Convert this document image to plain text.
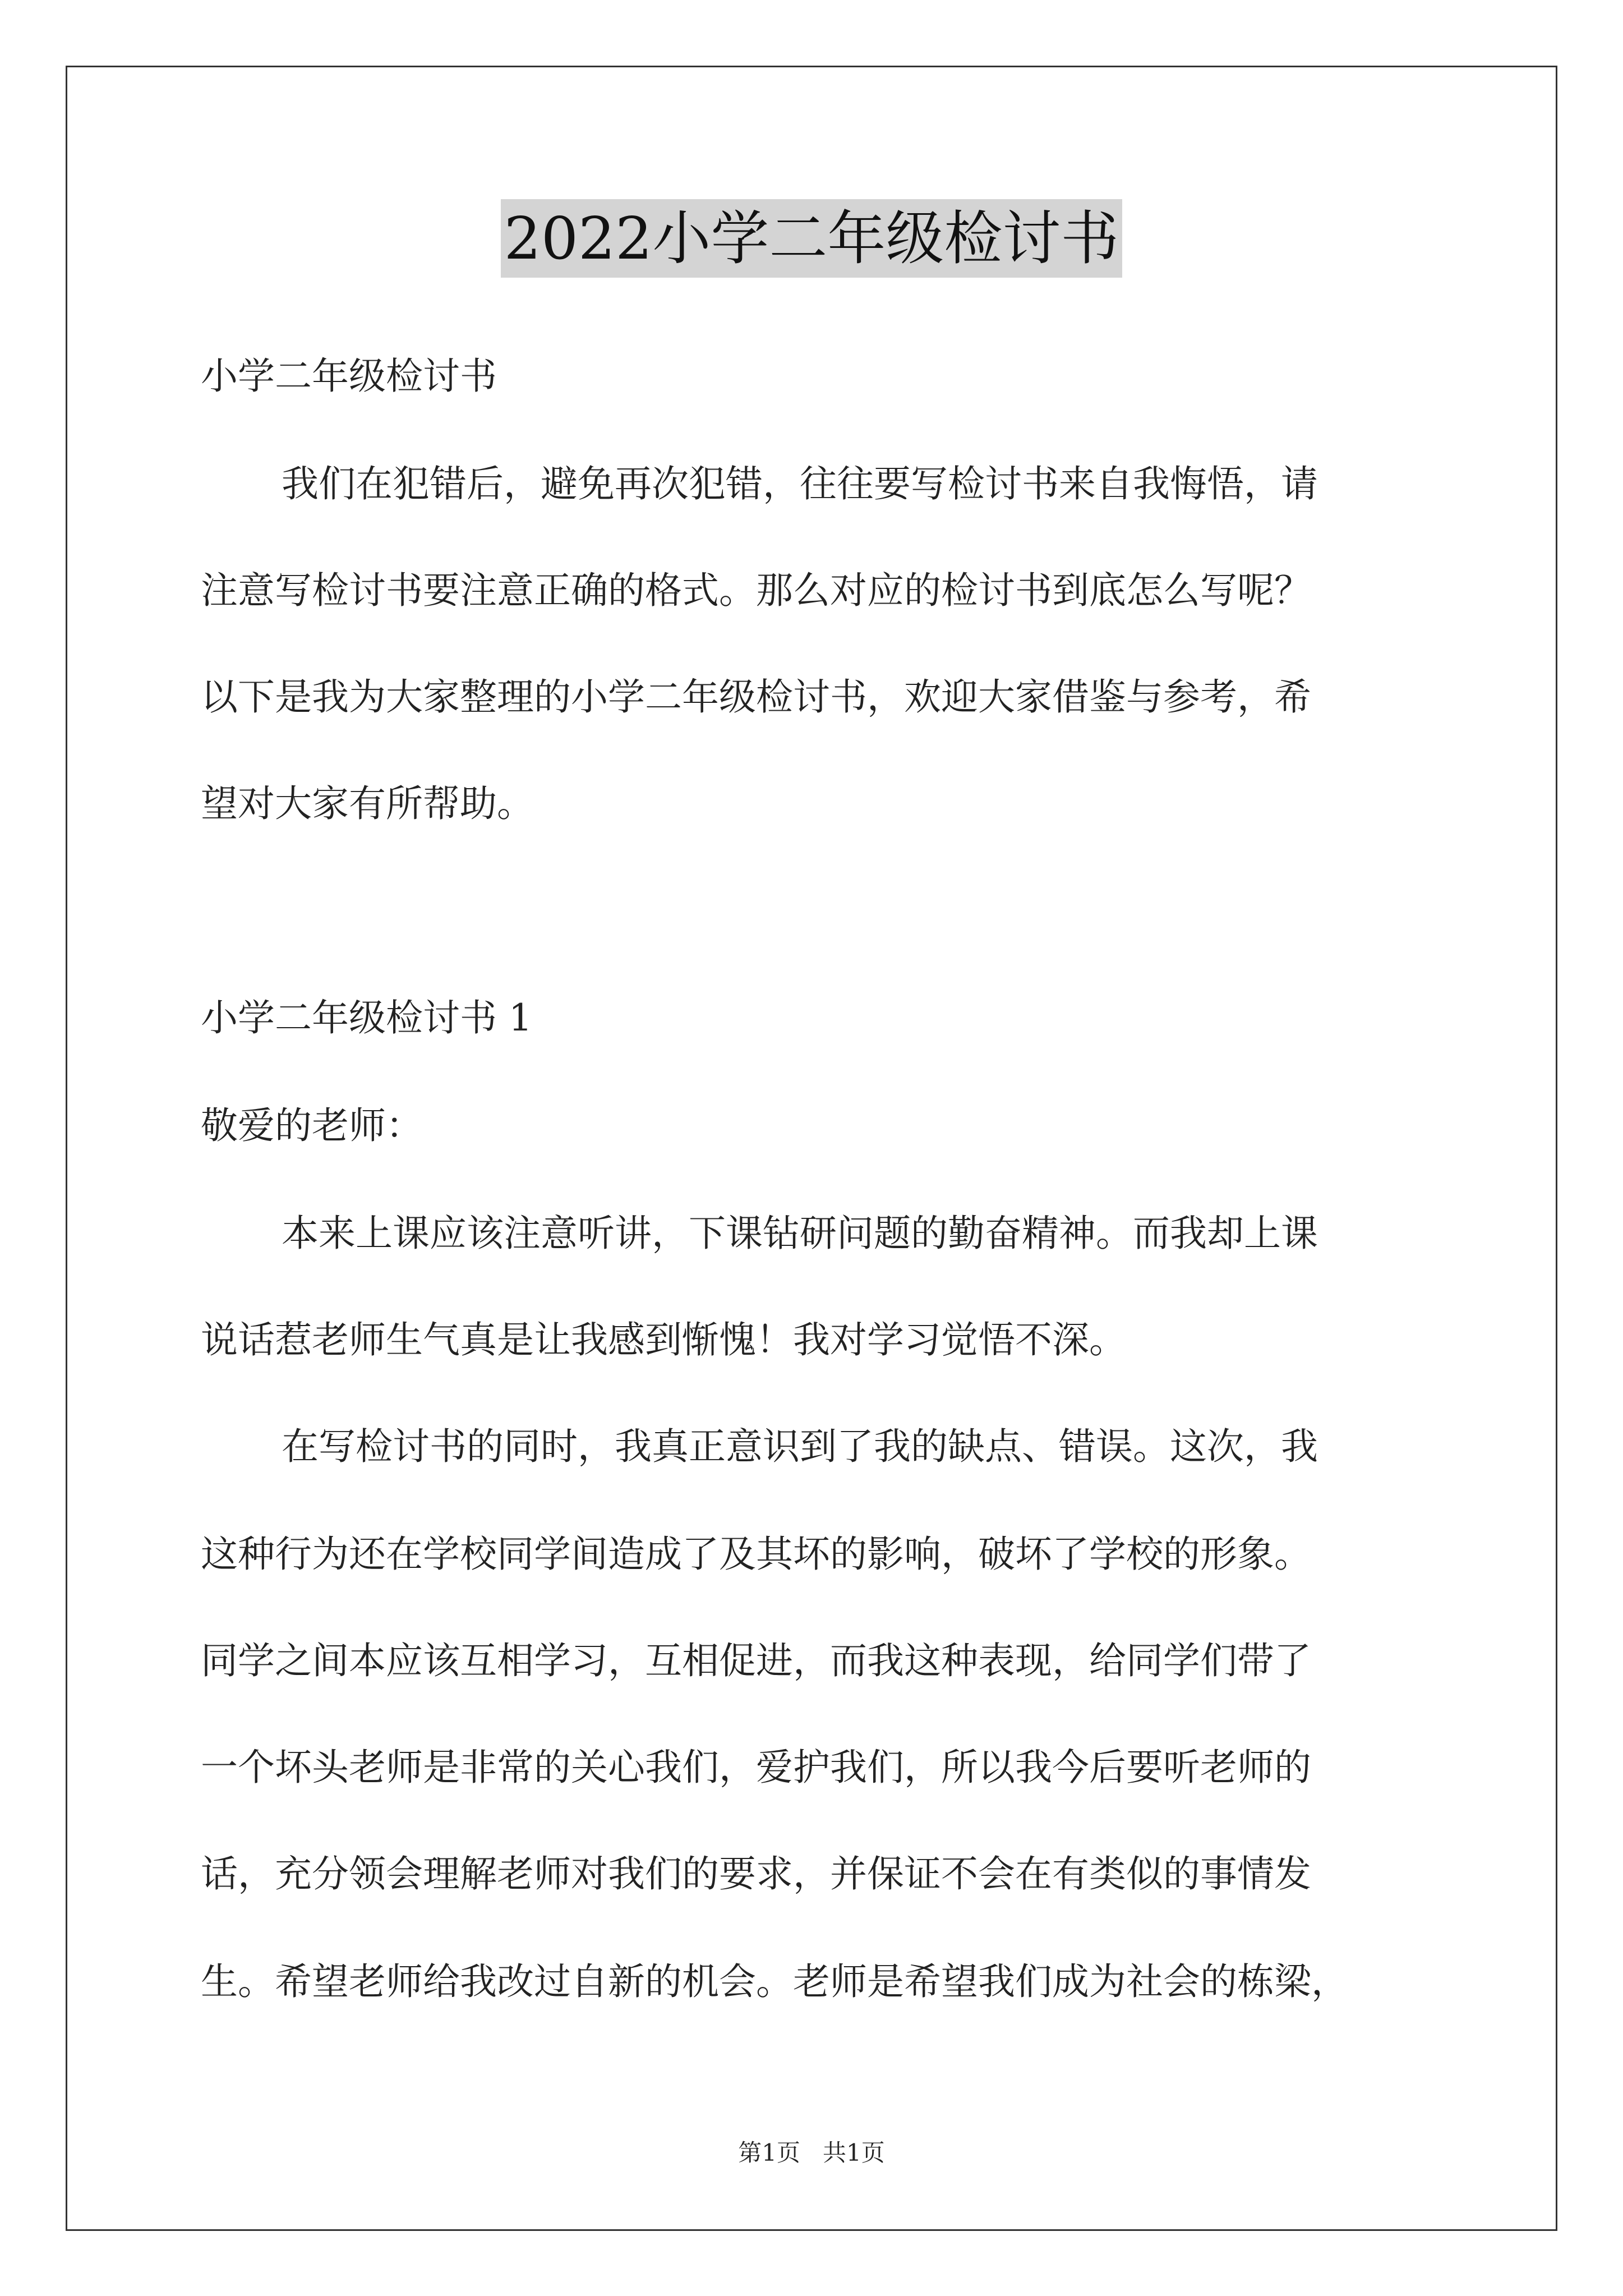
2022小学二年级检讨书
小学二年级检讨书
我们在犯错后，避免再次犯错，往往要写检讨书来自我悔悟，请
注意写检讨书要注意正确的格式。那么对应的检讨书到底怎么写呢？
以下是我为大家整理的小学二年级检讨书，欢迎大家借鉴与参考，希
望对大家有所帮助。
小学二年级检讨书 1
敬爱的老师：
本来上课应该注意听讲，下课钻研问题的勤奋精神。而我却上课
说话惹老师生气真是让我感到惭愧！我对学习觉悟不深。
在写检讨书的同时，我真正意识到了我的缺点、错误。这次，我
这种行为还在学校同学间造成了及其坏的影响，破坏了学校的形象。
同学之间本应该互相学习，互相促进，而我这种表现，给同学们带了
一个坏头老师是非常的关心我们，爱护我们，所以我今后要听老师的
话，充分领会理解老师对我们的要求，并保证不会在有类似的事情发
生。希望老师给我改过自新的机会。老师是希望我们成为社会的栋梁，
第1页   共1页
